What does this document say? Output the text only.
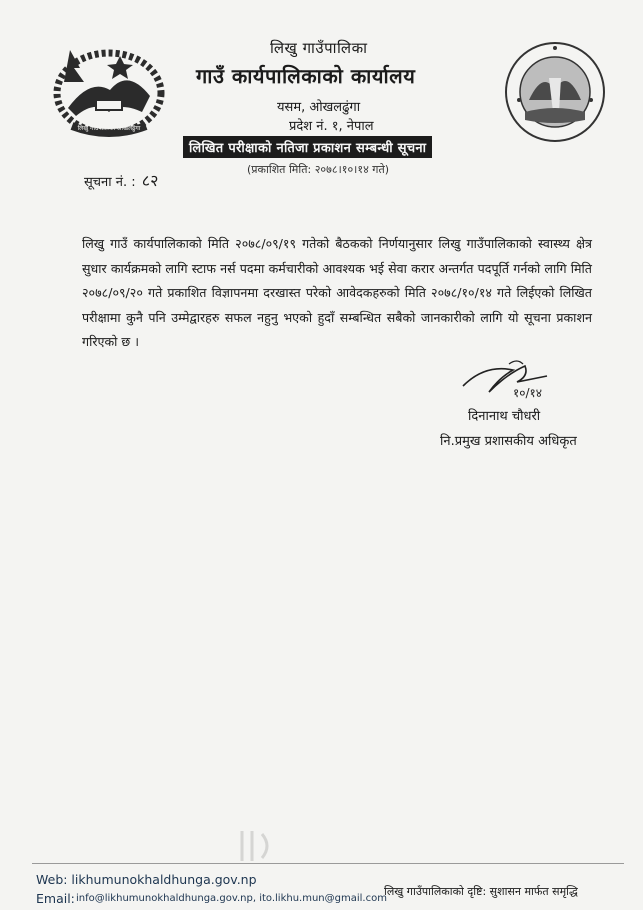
लिखु गाउँपालिका ओखलढुंगा
लिखु गाउँपालिका
गाउँ कार्यपालिकाको कार्यालय
यसम, ओखलढुंगा
प्रदेश नं. १, नेपाल
लिखित परीक्षाको नतिजा प्रकाशन सम्बन्धी सूचना
(प्रकाशित मिति: २०७८।१०।१४ गते)
सूचना नं. : ८२
लिखु गाउँ कार्यपालिकाको मिति २०७८/०९/१९ गतेको बैठकको निर्णयानुसार लिखु गाउँपालिकाको स्वास्थ्य क्षेत्र सुधार कार्यक्रमको लागि स्टाफ नर्स पदमा कर्मचारीको आवश्यक भई सेवा करार अन्तर्गत पदपूर्ति गर्नको लागि मिति २०७८/०९/२० गते प्रकाशित विज्ञापनमा दरखास्त परेको आवेदकहरुको मिति २०७८/१०/१४ गते लिईएको लिखित परीक्षामा कुनै पनि उम्मेद्वारहरु सफल नहुनु भएको हुदाँ सम्बन्धित सबैको जानकारीको लागि यो सूचना प्रकाशन गरिएको छ ।
१०/१४
दिनानाथ चौधरी
नि.प्रमुख प्रशासकीय अधिकृत
Web: likhumunokhaldhunga.gov.np
Email: info@likhumunokhaldhunga.gov.np, ito.likhu.mun@gmail.com
लिखु गाउँपालिकाको दृष्टि: सुशासन मार्फत समृद्धि
